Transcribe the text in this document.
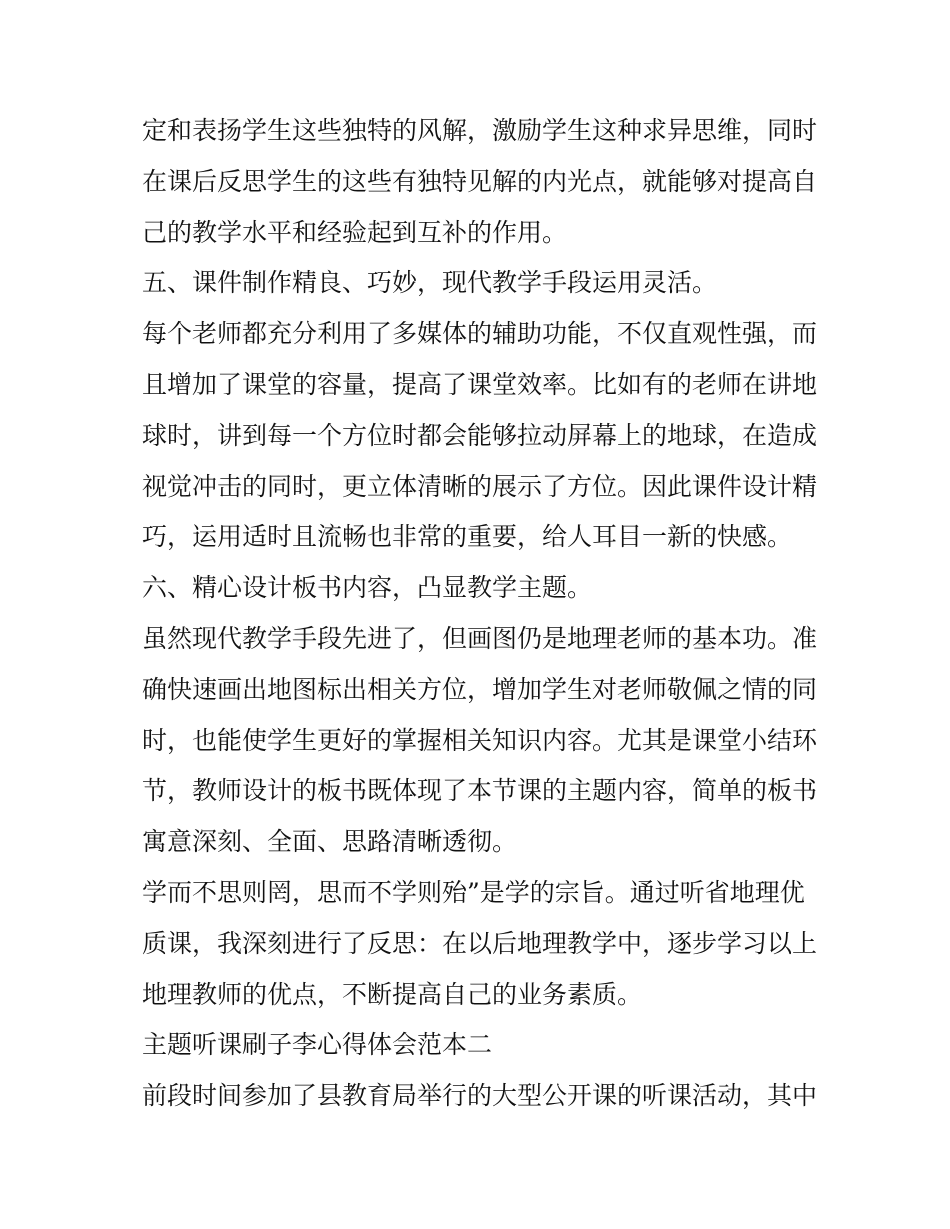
定和表扬学生这些独特的风解，激励学生这种求异思维，同时
在课后反思学生的这些有独特见解的内光点，就能够对提高自
己的教学水平和经验起到互补的作用。
五、课件制作精良、巧妙，现代教学手段运用灵活。
每个老师都充分利用了多媒体的辅助功能，不仅直观性强，而
且增加了课堂的容量，提高了课堂效率。比如有的老师在讲地
球时，讲到每一个方位时都会能够拉动屏幕上的地球，在造成
视觉冲击的同时，更立体清晰的展示了方位。因此课件设计精
巧，运用适时且流畅也非常的重要，给人耳目一新的快感。
六、精心设计板书内容，凸显教学主题。
虽然现代教学手段先进了，但画图仍是地理老师的基本功。准
确快速画出地图标出相关方位，增加学生对老师敬佩之情的同
时，也能使学生更好的掌握相关知识内容。尤其是课堂小结环
节，教师设计的板书既体现了本节课的主题内容，简单的板书
寓意深刻、全面、思路清晰透彻。
学而不思则罔，思而不学则殆”是学的宗旨。通过听省地理优
质课，我深刻进行了反思：在以后地理教学中，逐步学习以上
地理教师的优点，不断提高自己的业务素质。
主题听课刷子李心得体会范本二
前段时间参加了县教育局举行的大型公开课的听课活动，其中
